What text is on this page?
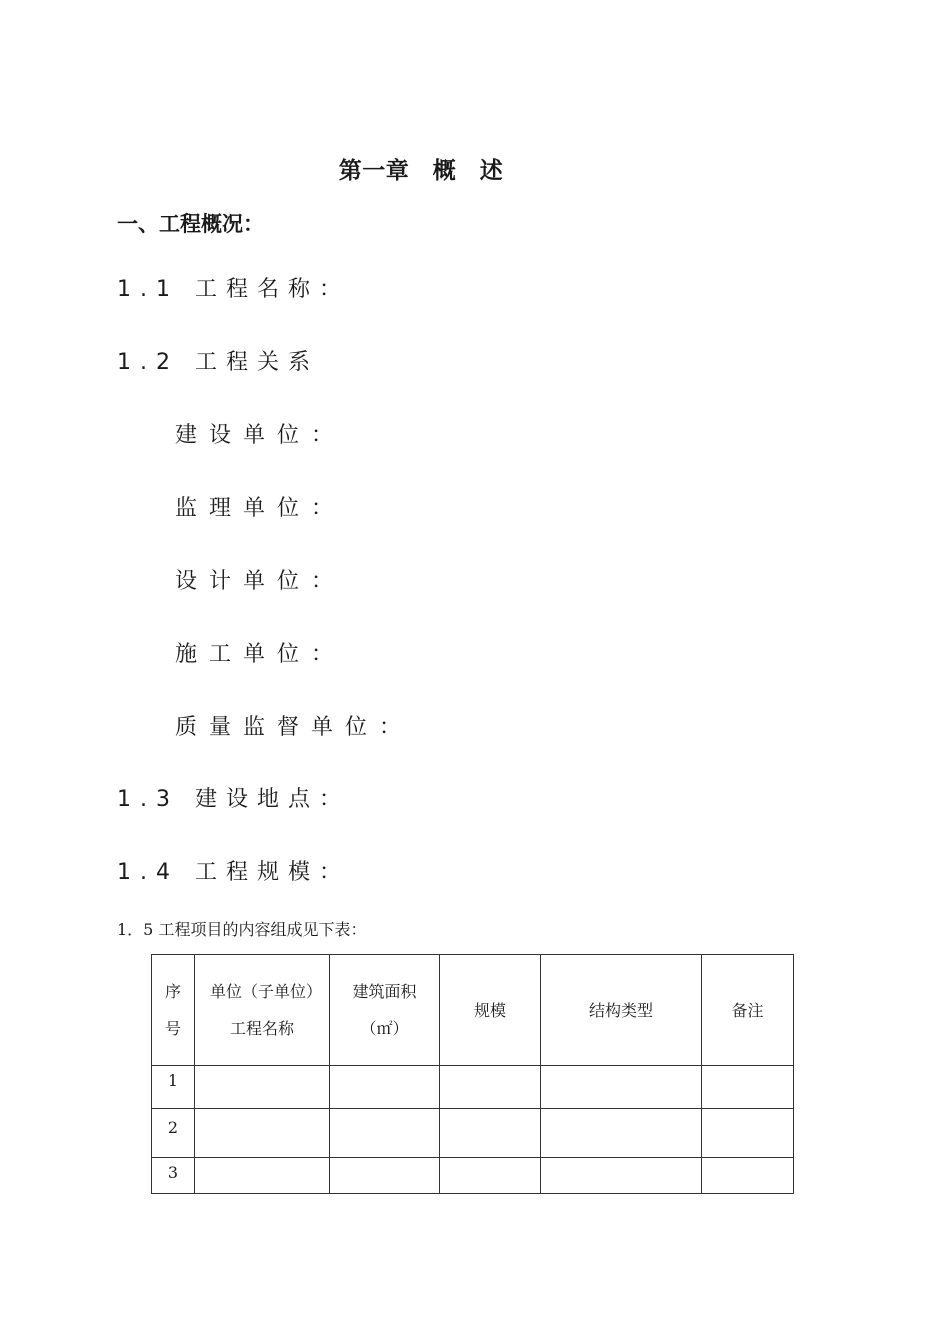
第一章　概　述
一、工程概况：
1.1 工程名称：
1.2 工程关系
建设单位：
监理单位：
设计单位：
施工单位：
质量监督单位：
1.3 建设地点：
1.4 工程规模：
1．5 工程项目的内容组成见下表：
序号	单位（子单位）工程名称	建筑面积（㎡）	规模	结构类型	备注
1					
2					
3					
